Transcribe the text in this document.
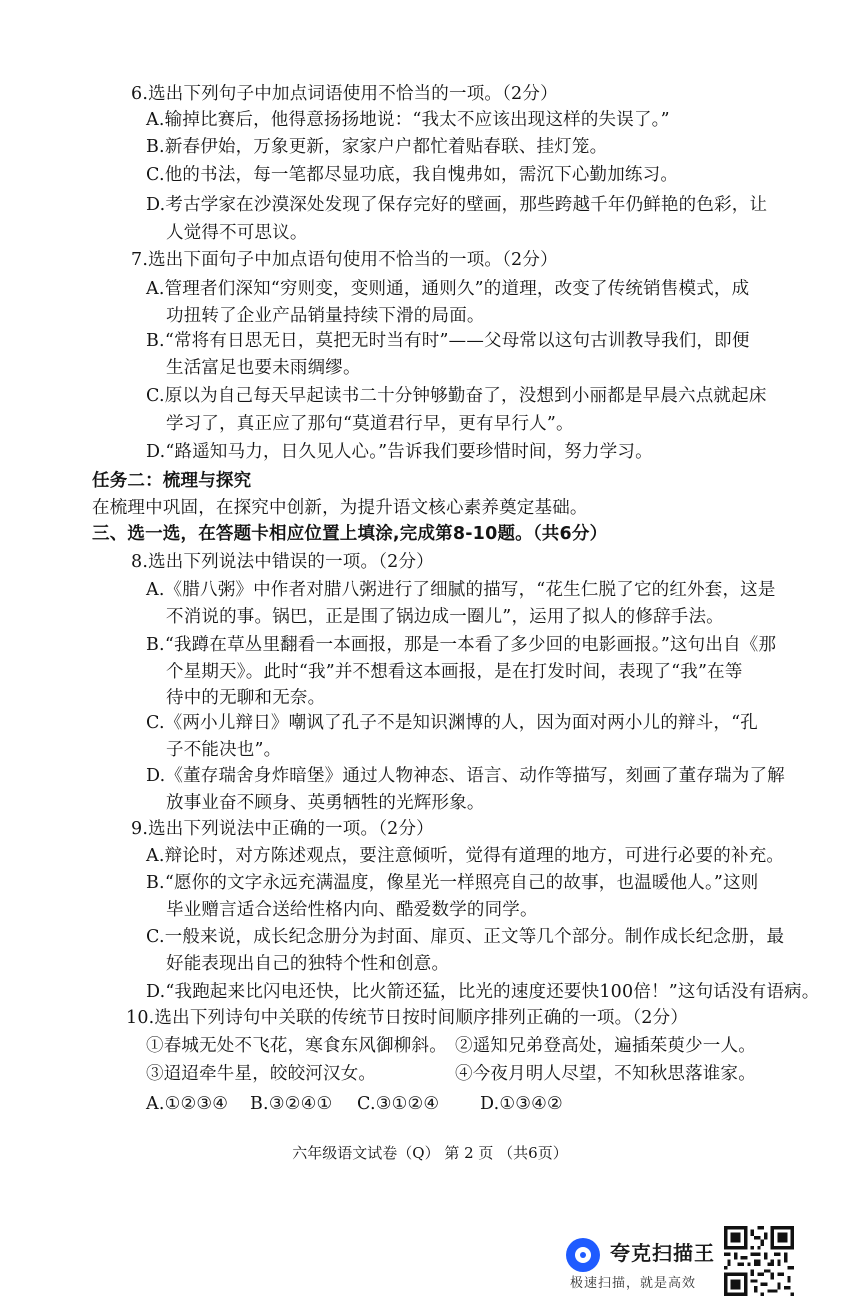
6.选出下列句子中加点词语使用不恰当的一项。（2分）
A.输掉比赛后，他得意扬扬地说：“我太不应该出现这样的失误了。”
B.新春伊始，万象更新，家家户户都忙着贴春联、挂灯笼。
C.他的书法，每一笔都尽显功底，我自愧弗如，需沉下心勤加练习。
D.考古学家在沙漠深处发现了保存完好的壁画，那些跨越千年仍鲜艳的色彩，让
人觉得不可思议。
7.选出下面句子中加点语句使用不恰当的一项。（2分）
A.管理者们深知“穷则变，变则通，通则久”的道理，改变了传统销售模式，成
功扭转了企业产品销量持续下滑的局面。
B.“常将有日思无日，莫把无时当有时”——父母常以这句古训教导我们，即便
生活富足也要未雨绸缪。
C.原以为自己每天早起读书二十分钟够勤奋了，没想到小丽都是早晨六点就起床
学习了，真正应了那句“莫道君行早，更有早行人”。
D.“路遥知马力，日久见人心。”告诉我们要珍惜时间，努力学习。
任务二：梳理与探究
在梳理中巩固，在探究中创新，为提升语文核心素养奠定基础。
三、选一选，在答题卡相应位置上填涂,完成第8-10题。（共6分）
8.选出下列说法中错误的一项。（2分）
A.《腊八粥》中作者对腊八粥进行了细腻的描写，“花生仁脱了它的红外套，这是
不消说的事。锅巴，正是围了锅边成一圈儿”，运用了拟人的修辞手法。
B.“我蹲在草丛里翻看一本画报，那是一本看了多少回的电影画报。”这句出自《那
个星期天》。此时“我”并不想看这本画报，是在打发时间，表现了“我”在等
待中的无聊和无奈。
C.《两小儿辩日》嘲讽了孔子不是知识渊博的人，因为面对两小儿的辩斗，“孔
子不能决也”。
D.《董存瑞舍身炸暗堡》通过人物神态、语言、动作等描写，刻画了董存瑞为了解
放事业奋不顾身、英勇牺牲的光辉形象。
9.选出下列说法中正确的一项。（2分）
A.辩论时，对方陈述观点，要注意倾听，觉得有道理的地方，可进行必要的补充。
B.“愿你的文字永远充满温度，像星光一样照亮自己的故事，也温暖他人。”这则
毕业赠言适合送给性格内向、酷爱数学的同学。
C.一般来说，成长纪念册分为封面、扉页、正文等几个部分。制作成长纪念册，最
好能表现出自己的独特个性和创意。
D.“我跑起来比闪电还快，比火箭还猛，比光的速度还要快100倍！”这句话没有语病。
10.选出下列诗句中关联的传统节日按时间顺序排列正确的一项。（2分）
①春城无处不飞花，寒食东风御柳斜。 ②遥知兄弟登高处，遍插茱萸少一人。
③迢迢牵牛星，皎皎河汉女。	④今夜月明人尽望，不知秋思落谁家。
A.①②③④ B.③②④① C.③①②④ D.①③④②
六年级语文试卷（Q） 第 2 页 （共6页）
夸克扫描王
极速扫描，就是高效
